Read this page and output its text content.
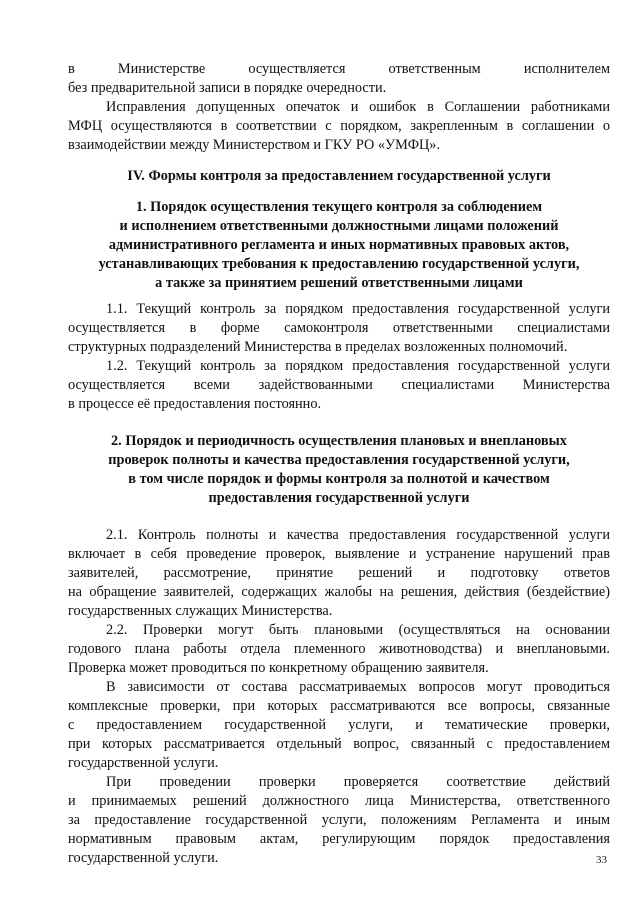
в Министерстве осуществляется ответственным исполнителем
без предварительной записи в порядке очередности.
Исправления допущенных опечаток и ошибок в Соглашении работниками
МФЦ осуществляются в соответствии с порядком, закрепленным в соглашении о
взаимодействии между Министерством и ГКУ РО «УМФЦ».
IV. Формы контроля за предоставлением государственной услуги
1. Порядок осуществления текущего контроля за соблюдением
и исполнением ответственными должностными лицами положений
административного регламента и иных нормативных правовых актов,
устанавливающих требования к предоставлению государственной услуги,
а также за принятием решений ответственными лицами
1.1. Текущий контроль за порядком предоставления государственной услуги
осуществляется в форме самоконтроля ответственными специалистами
структурных подразделений Министерства в пределах возложенных полномочий.
1.2. Текущий контроль за порядком предоставления государственной услуги
осуществляется всеми задействованными специалистами Министерства
в процессе её предоставления постоянно.
2. Порядок и периодичность осуществления плановых и внеплановых
проверок полноты и качества предоставления государственной услуги,
в том числе порядок и формы контроля за полнотой и качеством
предоставления государственной услуги
2.1. Контроль полноты и качества предоставления государственной услуги
включает в себя проведение проверок, выявление и устранение нарушений прав
заявителей, рассмотрение, принятие решений и подготовку ответов
на обращение заявителей, содержащих жалобы на решения, действия (бездействие)
государственных служащих Министерства.
2.2. Проверки могут быть плановыми (осуществляться на основании
годового плана работы отдела племенного животноводства) и внеплановыми.
Проверка может проводиться по конкретному обращению заявителя.
В зависимости от состава рассматриваемых вопросов могут проводиться
комплексные проверки, при которых рассматриваются все вопросы, связанные
с предоставлением государственной услуги, и тематические проверки,
при которых рассматривается отдельный вопрос, связанный с предоставлением
государственной услуги.
При проведении проверки проверяется соответствие действий
и принимаемых решений должностного лица Министерства, ответственного
за предоставление государственной услуги, положениям Регламента и иным
нормативным правовым актам, регулирующим порядок предоставления
государственной услуги.	33
